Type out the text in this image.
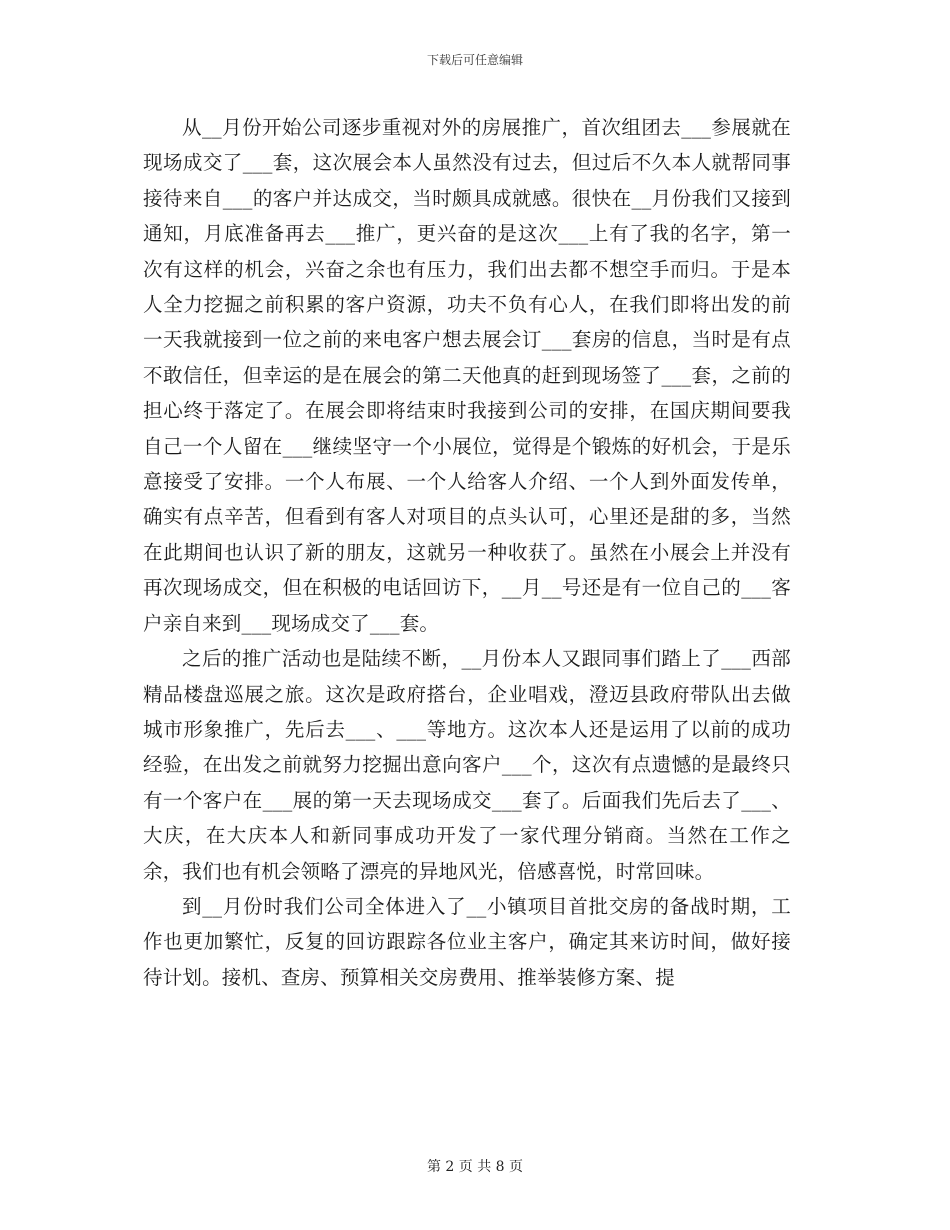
下载后可任意编辑

从__月份开始公司逐步重视对外的房展推广，首次组团去___参展就在现场成交了___套，这次展会本人虽然没有过去，但过后不久本人就帮同事接待来自___的客户并达成交，当时颇具成就感。很快在__月份我们又接到通知，月底准备再去___推广，更兴奋的是这次___上有了我的名字，第一次有这样的机会，兴奋之余也有压力，我们出去都不想空手而归。于是本人全力挖掘之前积累的客户资源，功夫不负有心人，在我们即将出发的前一天我就接到一位之前的来电客户想去展会订___套房的信息，当时是有点不敢信任，但幸运的是在展会的第二天他真的赶到现场签了___套，之前的担心终于落定了。在展会即将结束时我接到公司的安排，在国庆期间要我自己一个人留在___继续坚守一个小展位，觉得是个锻炼的好机会，于是乐意接受了安排。一个人布展、一个人给客人介绍、一个人到外面发传单，确实有点辛苦，但看到有客人对项目的点头认可，心里还是甜的多，当然在此期间也认识了新的朋友，这就另一种收获了。虽然在小展会上并没有再次现场成交，但在积极的电话回访下，__月__号还是有一位自己的___客户亲自来到___现场成交了___套。

之后的推广活动也是陆续不断，__月份本人又跟同事们踏上了___西部精品楼盘巡展之旅。这次是政府搭台，企业唱戏，澄迈县政府带队出去做城市形象推广，先后去___、___等地方。这次本人还是运用了以前的成功经验，在出发之前就努力挖掘出意向客户___个，这次有点遗憾的是最终只有一个客户在___展的第一天去现场成交___套了。后面我们先后去了___、大庆，在大庆本人和新同事成功开发了一家代理分销商。当然在工作之余，我们也有机会领略了漂亮的异地风光，倍感喜悦，时常回味。

到__月份时我们公司全体进入了__小镇项目首批交房的备战时期，工作也更加繁忙，反复的回访跟踪各位业主客户，确定其来访时间，做好接待计划。接机、查房、预算相关交房费用、推举装修方案、提

第 2 页 共 8 页
